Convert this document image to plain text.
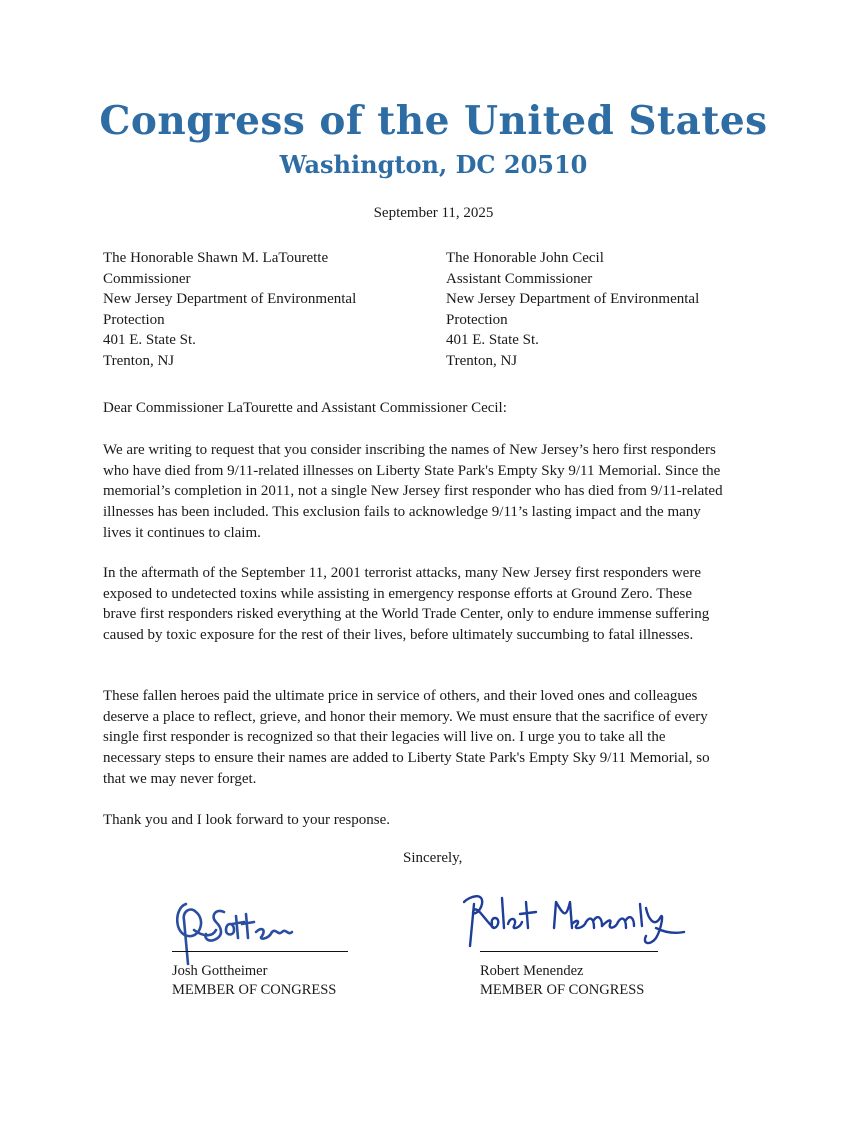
Congress of the United States
Washington, DC 20510
September 11, 2025
The Honorable Shawn M. LaTourette
Commissioner
New Jersey Department of Environmental
Protection
401 E. State St.
Trenton, NJ
The Honorable John Cecil
Assistant Commissioner
New Jersey Department of Environmental
Protection
401 E. State St.
Trenton, NJ

Dear Commissioner LaTourette and Assistant Commissioner Cecil:

We are writing to request that you consider inscribing the names of New Jersey’s hero first responders who have died from 9/11-related illnesses on Liberty State Park's Empty Sky 9/11 Memorial. Since the memorial’s completion in 2011, not a single New Jersey first responder who has died from 9/11-related illnesses has been included. This exclusion fails to acknowledge 9/11’s lasting impact and the many lives it continues to claim.

In the aftermath of the September 11, 2001 terrorist attacks, many New Jersey first responders were exposed to undetected toxins while assisting in emergency response efforts at Ground Zero. These brave first responders risked everything at the World Trade Center, only to endure immense suffering caused by toxic exposure for the rest of their lives, before ultimately succumbing to fatal illnesses.

These fallen heroes paid the ultimate price in service of others, and their loved ones and colleagues deserve a place to reflect, grieve, and honor their memory. We must ensure that the sacrifice of every single first responder is recognized so that their legacies will live on. I urge you to take all the necessary steps to ensure their names are added to Liberty State Park's Empty Sky 9/11 Memorial, so that we may never forget.

Thank you and I look forward to your response.

Sincerely,
Josh Gottheimer
MEMBER OF CONGRESS
Robert Menendez
MEMBER OF CONGRESS
